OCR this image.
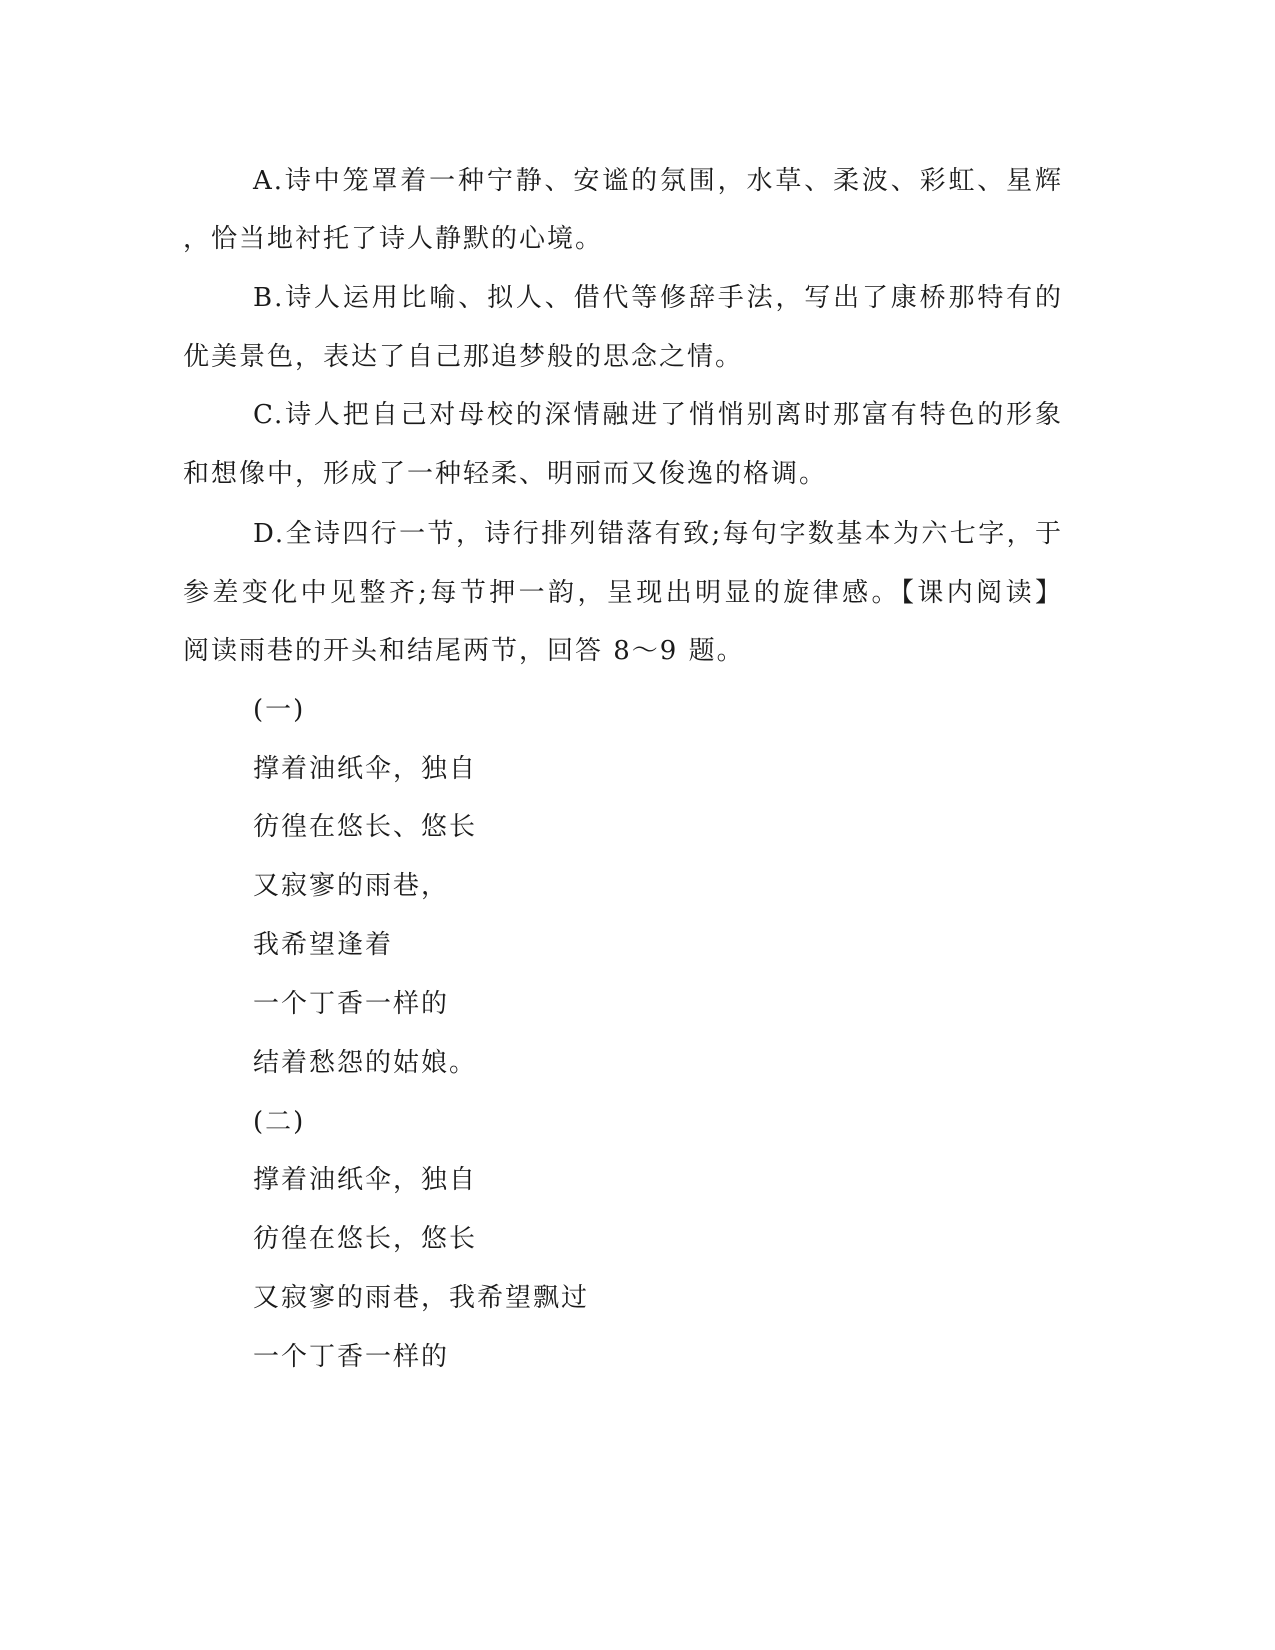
A.诗中笼罩着一种宁静、安谧的氛围，水草、柔波、彩虹、星辉
，恰当地衬托了诗人静默的心境。
B.诗人运用比喻、拟人、借代等修辞手法，写出了康桥那特有的
优美景色，表达了自己那追梦般的思念之情。
C.诗人把自己对母校的深情融进了悄悄别离时那富有特色的形象
和想像中，形成了一种轻柔、明丽而又俊逸的格调。
D.全诗四行一节，诗行排列错落有致;每句字数基本为六七字，于
参差变化中见整齐;每节押一韵，呈现出明显的旋律感。【课内阅读】
阅读雨巷的开头和结尾两节，回答 8～9 题。
(一)
撑着油纸伞，独自
彷徨在悠长、悠长
又寂寥的雨巷，
我希望逢着
一个丁香一样的
结着愁怨的姑娘。
(二)
撑着油纸伞，独自
彷徨在悠长，悠长
又寂寥的雨巷，我希望飘过
一个丁香一样的
